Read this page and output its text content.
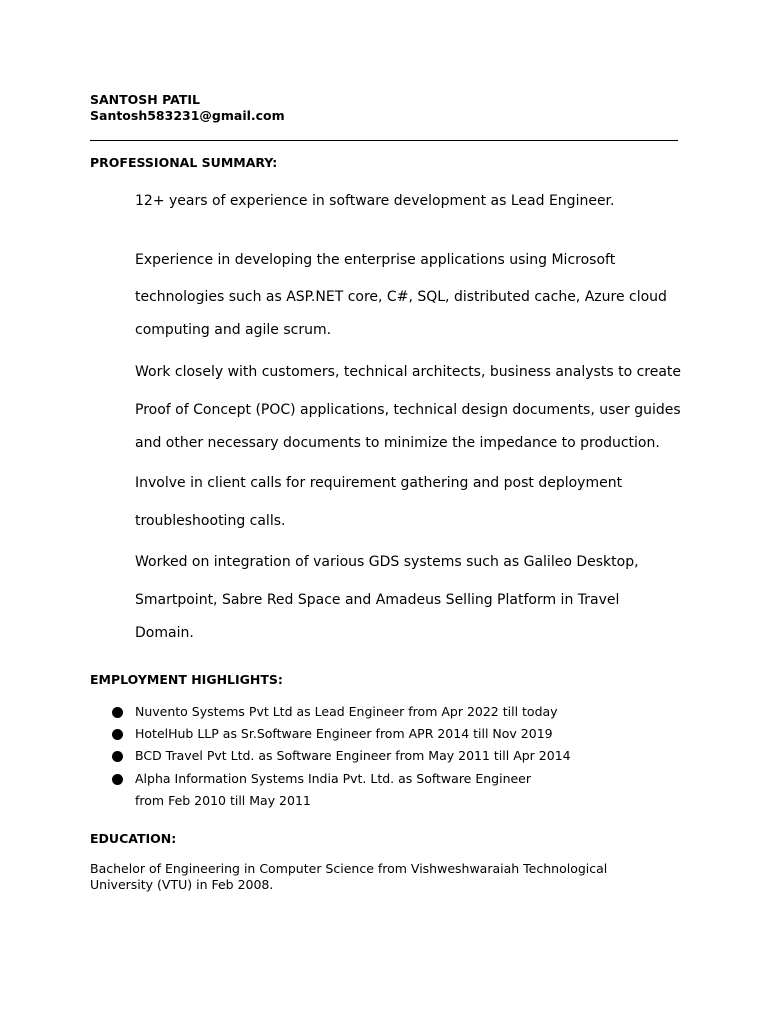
SANTOSH PATIL
Santosh583231@gmail.com
PROFESSIONAL SUMMARY:
12+ years of experience in software development as Lead Engineer.
Experience in developing the enterprise applications using Microsoft
technologies such as ASP.NET core, C#, SQL, distributed cache, Azure cloud
computing and agile scrum.
Work closely with customers, technical architects, business analysts to create
Proof of Concept (POC) applications, technical design documents, user guides
and other necessary documents to minimize the impedance to production.
Involve in client calls for requirement gathering and post deployment
troubleshooting calls.
Worked on integration of various GDS systems such as Galileo Desktop,
Smartpoint, Sabre Red Space and Amadeus Selling Platform in Travel
Domain.
EMPLOYMENT HIGHLIGHTS:
Nuvento Systems Pvt Ltd as Lead Engineer from Apr 2022 till today
HotelHub LLP as Sr.Software Engineer from APR 2014 till Nov 2019
BCD Travel Pvt Ltd. as Software Engineer from May 2011 till Apr 2014
Alpha Information Systems India Pvt. Ltd. as Software Engineer
from Feb 2010 till May 2011
EDUCATION:
Bachelor of Engineering in Computer Science from Vishweshwaraiah Technological
University (VTU) in Feb 2008.
